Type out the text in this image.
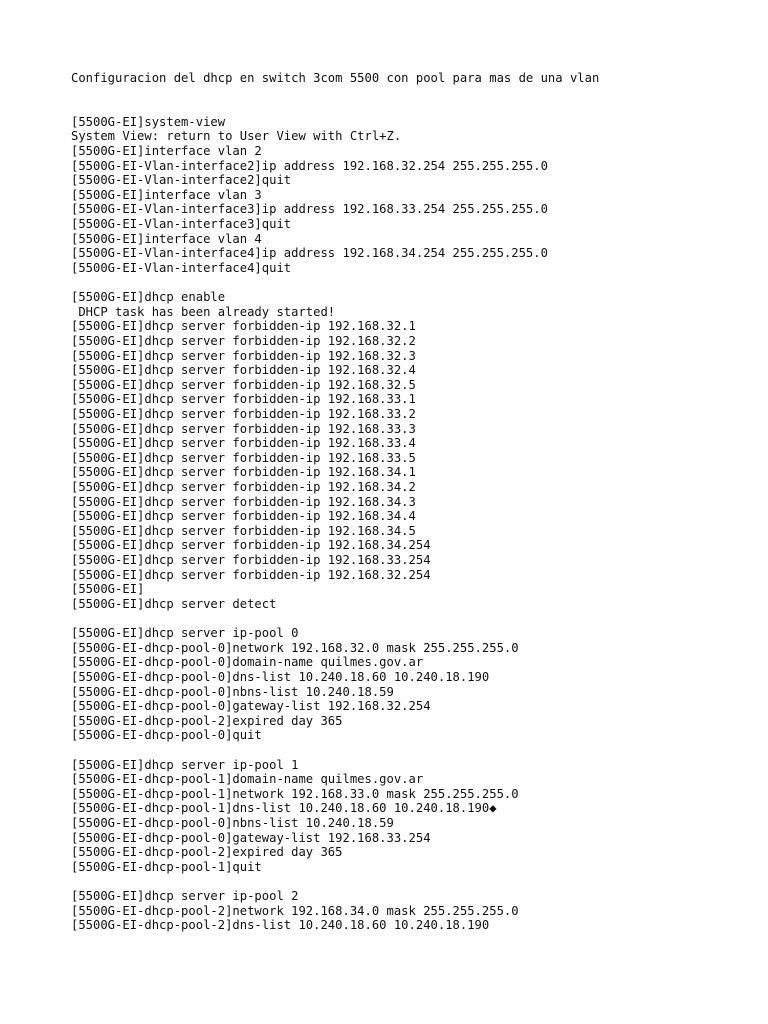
Configuracion del dhcp en switch 3com 5500 con pool para mas de una vlan
[5500G-EI]system-view
System View: return to User View with Ctrl+Z.
[5500G-EI]interface vlan 2
[5500G-EI-Vlan-interface2]ip address 192.168.32.254 255.255.255.0
[5500G-EI-Vlan-interface2]quit
[5500G-EI]interface vlan 3
[5500G-EI-Vlan-interface3]ip address 192.168.33.254 255.255.255.0
[5500G-EI-Vlan-interface3]quit
[5500G-EI]interface vlan 4
[5500G-EI-Vlan-interface4]ip address 192.168.34.254 255.255.255.0
[5500G-EI-Vlan-interface4]quit
[5500G-EI]dhcp enable
DHCP task has been already started!
[5500G-EI]dhcp server forbidden-ip 192.168.32.1
[5500G-EI]dhcp server forbidden-ip 192.168.32.2
[5500G-EI]dhcp server forbidden-ip 192.168.32.3
[5500G-EI]dhcp server forbidden-ip 192.168.32.4
[5500G-EI]dhcp server forbidden-ip 192.168.32.5
[5500G-EI]dhcp server forbidden-ip 192.168.33.1
[5500G-EI]dhcp server forbidden-ip 192.168.33.2
[5500G-EI]dhcp server forbidden-ip 192.168.33.3
[5500G-EI]dhcp server forbidden-ip 192.168.33.4
[5500G-EI]dhcp server forbidden-ip 192.168.33.5
[5500G-EI]dhcp server forbidden-ip 192.168.34.1
[5500G-EI]dhcp server forbidden-ip 192.168.34.2
[5500G-EI]dhcp server forbidden-ip 192.168.34.3
[5500G-EI]dhcp server forbidden-ip 192.168.34.4
[5500G-EI]dhcp server forbidden-ip 192.168.34.5
[5500G-EI]dhcp server forbidden-ip 192.168.34.254
[5500G-EI]dhcp server forbidden-ip 192.168.33.254
[5500G-EI]dhcp server forbidden-ip 192.168.32.254
[5500G-EI]
[5500G-EI]dhcp server detect
[5500G-EI]dhcp server ip-pool 0
[5500G-EI-dhcp-pool-0]network 192.168.32.0 mask 255.255.255.0
[5500G-EI-dhcp-pool-0]domain-name quilmes.gov.ar
[5500G-EI-dhcp-pool-0]dns-list 10.240.18.60 10.240.18.190
[5500G-EI-dhcp-pool-0]nbns-list 10.240.18.59
[5500G-EI-dhcp-pool-0]gateway-list 192.168.32.254
[5500G-EI-dhcp-pool-2]expired day 365
[5500G-EI-dhcp-pool-0]quit
[5500G-EI]dhcp server ip-pool 1
[5500G-EI-dhcp-pool-1]domain-name quilmes.gov.ar
[5500G-EI-dhcp-pool-1]network 192.168.33.0 mask 255.255.255.0
[5500G-EI-dhcp-pool-1]dns-list 10.240.18.60 10.240.18.190◆
[5500G-EI-dhcp-pool-0]nbns-list 10.240.18.59
[5500G-EI-dhcp-pool-0]gateway-list 192.168.33.254
[5500G-EI-dhcp-pool-2]expired day 365
[5500G-EI-dhcp-pool-1]quit
[5500G-EI]dhcp server ip-pool 2
[5500G-EI-dhcp-pool-2]network 192.168.34.0 mask 255.255.255.0
[5500G-EI-dhcp-pool-2]dns-list 10.240.18.60 10.240.18.190
